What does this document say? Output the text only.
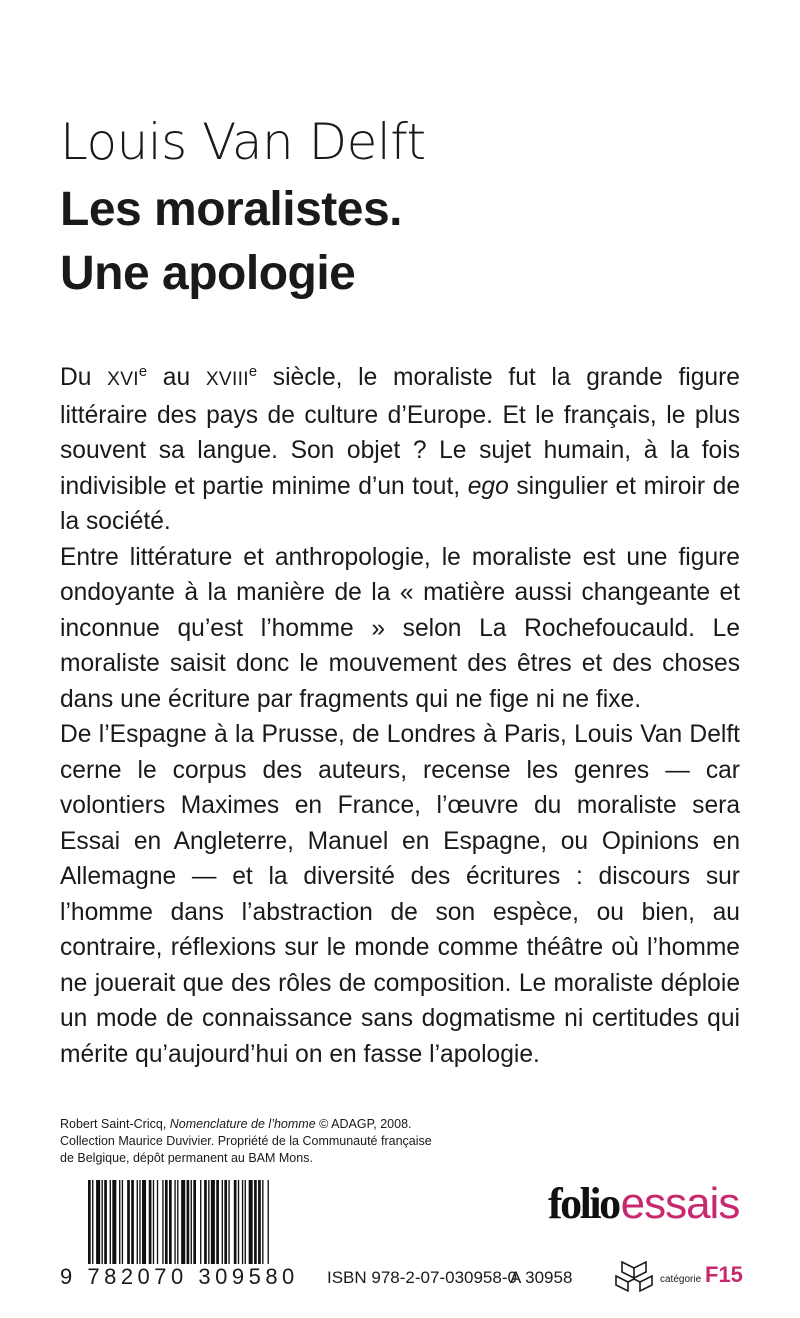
Louis Van Delft
Les moralistes.
Une apologie

Du XVIe au XVIIIe siècle, le moraliste fut la grande figure littéraire des pays de culture d’Europe. Et le français, le plus souvent sa langue. Son objet ? Le sujet humain, à la fois indivisible et partie minime d’un tout, ego singulier et miroir de la société.

Entre littérature et anthropologie, le moraliste est une figure ondoyante à la manière de la « matière aussi changeante et inconnue qu’est l’homme » selon La Rochefoucauld. Le moraliste saisit donc le mouvement des êtres et des choses dans une écriture par fragments qui ne fige ni ne fixe.

De l’Espagne à la Prusse, de Londres à Paris, Louis Van Delft cerne le corpus des auteurs, recense les genres — car volontiers Maximes en France, l’œuvre du moraliste sera Essai en Angleterre, Manuel en Espagne, ou Opinions en Allemagne — et la diversité des écritures : discours sur l’homme dans l’abstraction de son espèce, ou bien, au contraire, réflexions sur le monde comme théâtre où l’homme ne jouerait que des rôles de composition. Le moraliste déploie un mode de connaissance sans dogmatisme ni certitudes qui mérite qu’aujourd’hui on en fasse l’apologie.

Robert Saint-Cricq, Nomenclature de l’homme © ADAGP, 2008.
Collection Maurice Duvivier. Propriété de la Communauté française
de Belgique, dépôt permanent au BAM Mons.
9 782070 309580
folioessais
ISBN 978-2-07-030958-0
A 30958	catégorie F15
